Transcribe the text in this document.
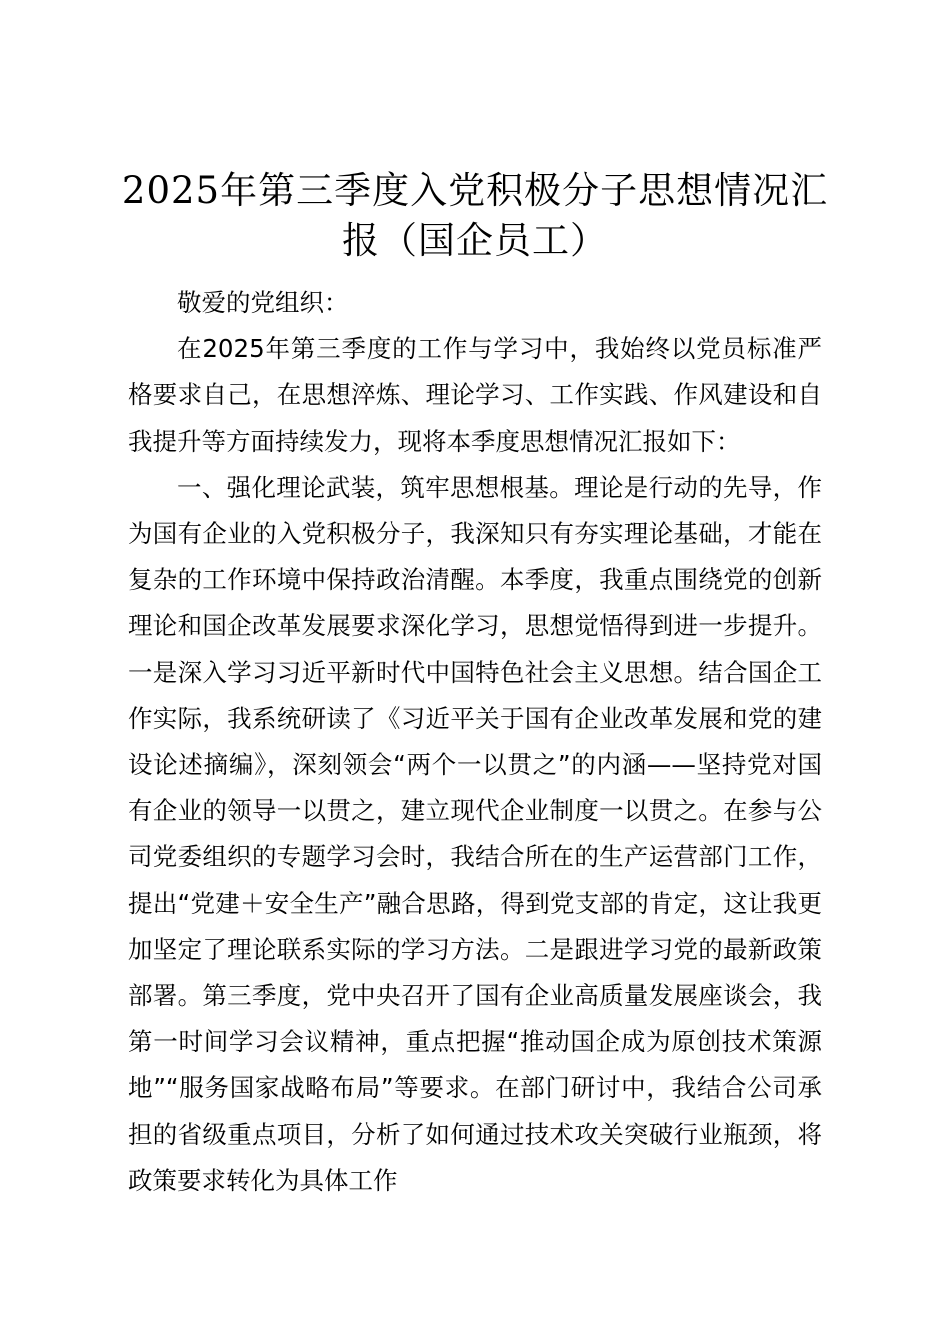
2025年第三季度入党积极分子思想情况汇报（国企员工）

敬爱的党组织：

在2025年第三季度的工作与学习中，我始终以党员标准严格要求自己，在思想淬炼、理论学习、工作实践、作风建设和自我提升等方面持续发力，现将本季度思想情况汇报如下：

一、强化理论武装，筑牢思想根基。理论是行动的先导，作为国有企业的入党积极分子，我深知只有夯实理论基础，才能在复杂的工作环境中保持政治清醒。本季度，我重点围绕党的创新理论和国企改革发展要求深化学习，思想觉悟得到进一步提升。一是深入学习习近平新时代中国特色社会主义思想。结合国企工作实际，我系统研读了《习近平关于国有企业改革发展和党的建设论述摘编》，深刻领会“两个一以贯之”的内涵——坚持党对国有企业的领导一以贯之，建立现代企业制度一以贯之。在参与公司党委组织的专题学习会时，我结合所在的生产运营部门工作，提出“党建＋安全生产”融合思路，得到党支部的肯定，这让我更加坚定了理论联系实际的学习方法。二是跟进学习党的最新政策部署。第三季度，党中央召开了国有企业高质量发展座谈会，我第一时间学习会议精神，重点把握“推动国企成为原创技术策源地”“服务国家战略布局”等要求。在部门研讨中，我结合公司承担的省级重点项目，分析了如何通过技术攻关突破行业瓶颈，将政策要求转化为具体工作
